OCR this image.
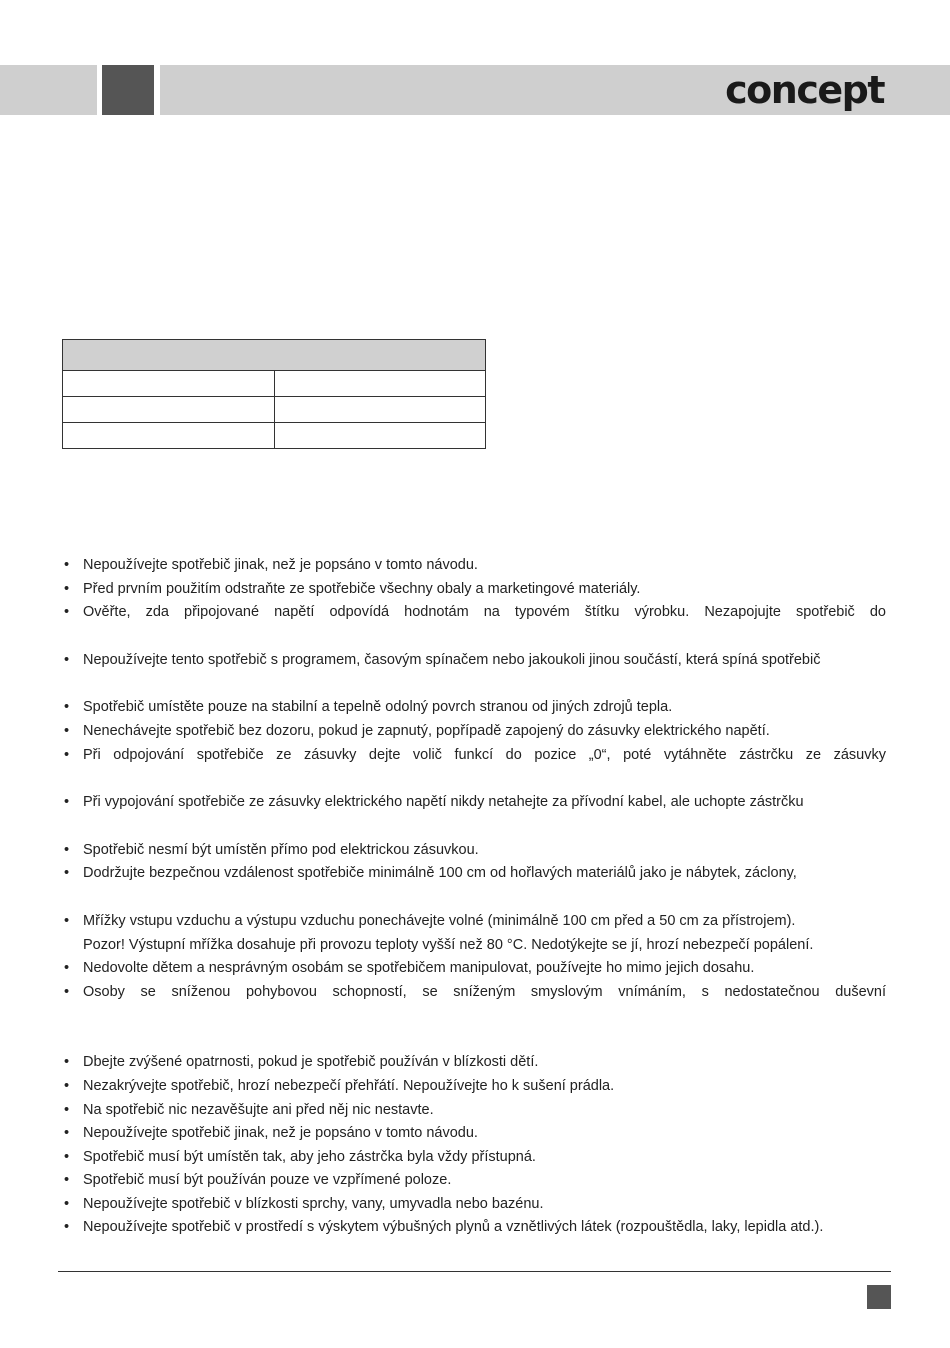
concept

• Nepoužívejte spotřebič jinak, než je popsáno v tomto návodu.
• Před prvním použitím odstraňte ze spotřebiče všechny obaly a marketingové materiály.
• Ověřte, zda připojované napětí odpovídá hodnotám na typovém štítku výrobku. Nezapojujte spotřebič do
• Nepoužívejte tento spotřebič s programem, časovým spínačem nebo jakoukoli jinou součástí, která spíná spotřebič
• Spotřebič umístěte pouze na stabilní a tepelně odolný povrch stranou od jiných zdrojů tepla.
• Nenechávejte spotřebič bez dozoru, pokud je zapnutý, popřípadě zapojený do zásuvky elektrického napětí.
• Při odpojování spotřebiče ze zásuvky dejte volič funkcí do pozice „0“, poté vytáhněte zástrčku ze zásuvky
• Při vypojování spotřebiče ze zásuvky elektrického napětí nikdy netahejte za přívodní kabel, ale uchopte zástrčku
• Spotřebič nesmí být umístěn přímo pod elektrickou zásuvkou.
• Dodržujte bezpečnou vzdálenost spotřebiče minimálně 100 cm od hořlavých materiálů jako je nábytek, záclony,
• Mřížky vstupu vzduchu a výstupu vzduchu ponechávejte volné (minimálně 100 cm před a 50 cm za přístrojem).
Pozor! Výstupní mřížka dosahuje při provozu teploty vyšší než 80 °C. Nedotýkejte se jí, hrozí nebezpečí popálení.
• Nedovolte dětem a nesprávným osobám se spotřebičem manipulovat, používejte ho mimo jejich dosahu.
• Osoby se sníženou pohybovou schopností, se sníženým smyslovým vnímáním, s nedostatečnou duševní
• Dbejte zvýšené opatrnosti, pokud je spotřebič používán v blízkosti dětí.
• Nezakrývejte spotřebič, hrozí nebezpečí přehřátí. Nepoužívejte ho k sušení prádla.
• Na spotřebič nic nezavěšujte ani před něj nic nestavte.
• Nepoužívejte spotřebič jinak, než je popsáno v tomto návodu.
• Spotřebič musí být umístěn tak, aby jeho zástrčka byla vždy přístupná.
• Spotřebič musí být používán pouze ve vzpřímené poloze.
• Nepoužívejte spotřebič v blízkosti sprchy, vany, umyvadla nebo bazénu.
• Nepoužívejte spotřebič v prostředí s výskytem výbušných plynů a vznětlivých látek (rozpouštědla, laky, lepidla atd.).
